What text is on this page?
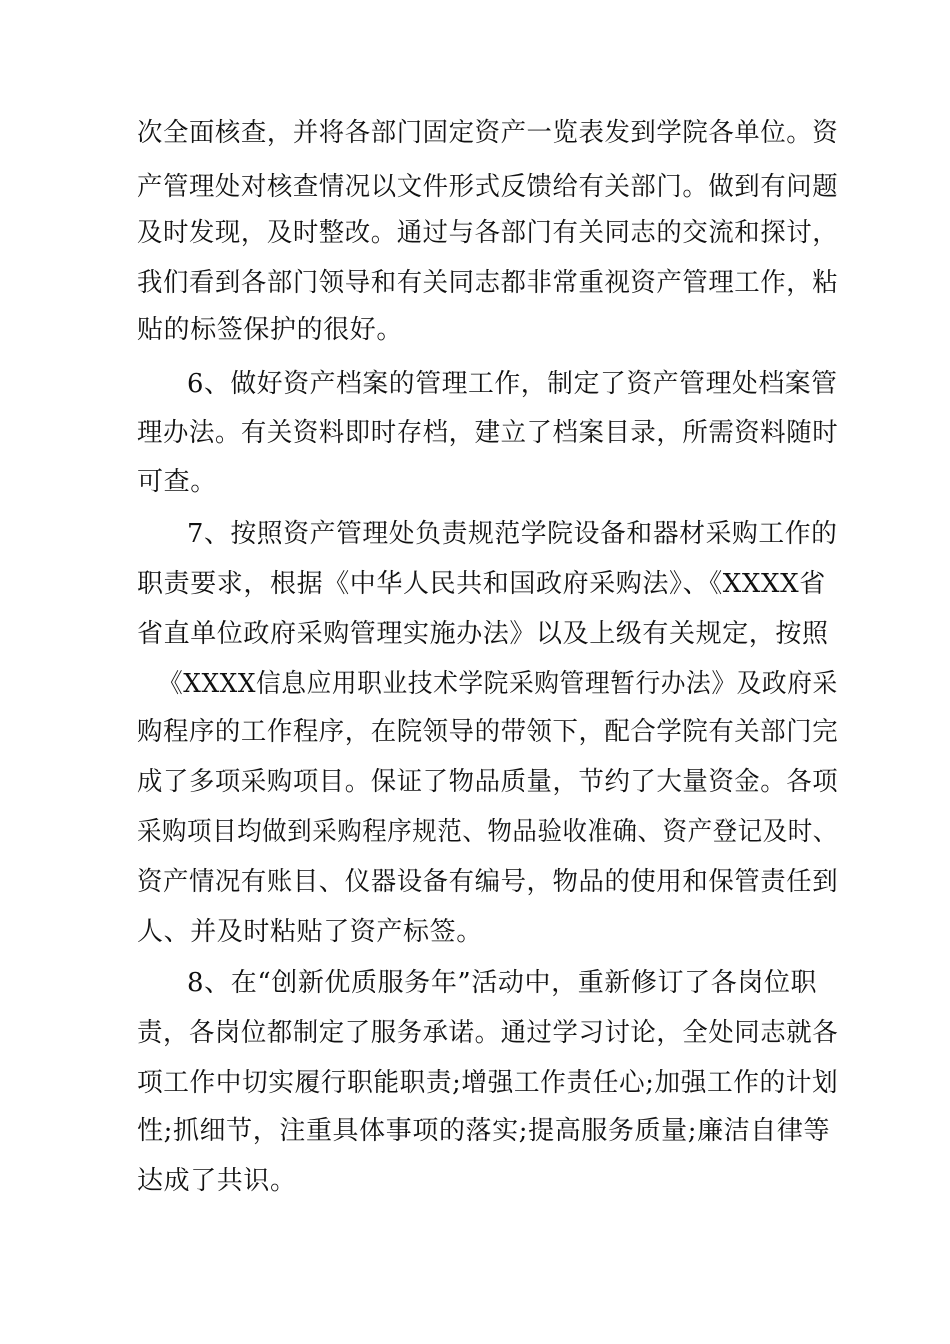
次全面核查，并将各部门固定资产一览表发到学院各单位。资
产管理处对核查情况以文件形式反馈给有关部门。做到有问题
及时发现，及时整改。通过与各部门有关同志的交流和探讨，
我们看到各部门领导和有关同志都非常重视资产管理工作，粘
贴的标签保护的很好。
6、做好资产档案的管理工作，制定了资产管理处档案管
理办法。有关资料即时存档，建立了档案目录，所需资料随时
可查。
7、按照资产管理处负责规范学院设备和器材采购工作的
职责要求，根据《中华人民共和国政府采购法》、《XXXX省
省直单位政府采购管理实施办法》以及上级有关规定，按照
《XXXX信息应用职业技术学院采购管理暂行办法》及政府采
购程序的工作程序，在院领导的带领下，配合学院有关部门完
成了多项采购项目。保证了物品质量，节约了大量资金。各项
采购项目均做到采购程序规范、物品验收准确、资产登记及时、
资产情况有账目、仪器设备有编号，物品的使用和保管责任到
人、并及时粘贴了资产标签。
8、在“创新优质服务年”活动中，重新修订了各岗位职
责，各岗位都制定了服务承诺。通过学习讨论，全处同志就各
项工作中切实履行职能职责;增强工作责任心;加强工作的计划
性;抓细节，注重具体事项的落实;提高服务质量;廉洁自律等
达成了共识。
